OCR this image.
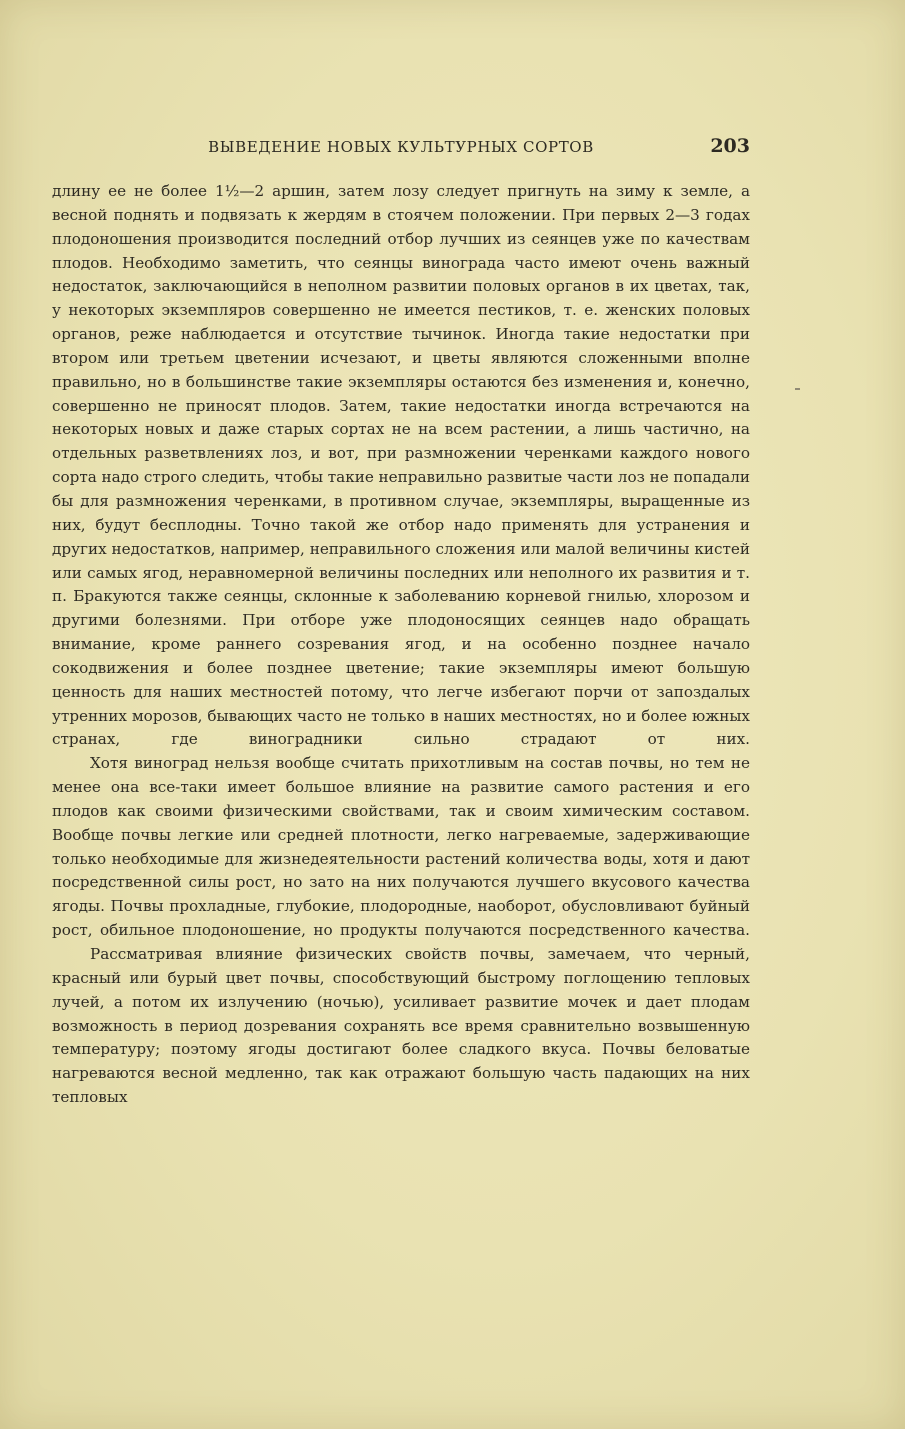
ВЫВЕДЕНИЕ НОВЫХ КУЛЬТУРНЫХ СОРТОВ	203

длину ее не более 1½—2 аршин, затем лозу следует пригнуть на зиму к земле, а весной поднять и подвязать к жердям в стоячем положении. При первых 2—3 годах плодоношения производится последний отбор лучших из сеянцев уже по качествам плодов. Необходимо заметить, что сеянцы винограда часто имеют очень важный недостаток, заключающийся в неполном развитии половых органов в их цветах, так, у некоторых экземпляров совершенно не имеется пестиков, т. е. женских половых органов, реже наблюдается и отсутствие тычинок. Иногда такие недостатки при втором или третьем цветении исчезают, и цветы являются сложенными вполне правильно, но в большинстве такие экземпляры остаются без изменения и, конечно, совершенно не приносят плодов. Затем, такие недостатки иногда встречаются на некоторых новых и даже старых сортах не на всем растении, а лишь частично, на отдельных разветвлениях лоз, и вот, при размножении черенками каждого нового сорта надо строго следить, чтобы такие неправильно развитые части лоз не попадали бы для размножения черенками, в противном случае, экземпляры, выращенные из них, будут бесплодны. Точно такой же отбор надо применять для устранения и других недостатков, например, неправильного сложения или малой величины кистей или самых ягод, неравномерной величины последних или неполного их развития и т. п. Бракуются также сеянцы, склонные к заболеванию корневой гнилью, хлорозом и другими болезнями. При отборе уже плодоносящих сеянцев надо обращать внимание, кроме раннего созревания ягод, и на особенно позднее начало сокодвижения и более позднее цветение; такие экземпляры имеют большую ценность для наших местностей потому, что легче избегают порчи от запоздалых утренних морозов, бывающих часто не только в наших местностях, но и более южных странах, где виноградники сильно страдают от них.

Хотя виноград нельзя вообще считать прихотливым на состав почвы, но тем не менее она все-таки имеет большое влияние на развитие самого растения и его плодов как своими физическими свойствами, так и своим химическим составом. Вообще почвы легкие или средней плотности, легко нагреваемые, задерживающие только необходимые для жизнедеятельности растений количества воды, хотя и дают посредственной силы рост, но зато на них получаются лучшего вкусового качества ягоды. Почвы прохладные, глубокие, плодородные, наоборот, обусловливают буйный рост, обильное плодоношение, но продукты получаются посредственного качества.

Рассматривая влияние физических свойств почвы, замечаем, что черный, красный или бурый цвет почвы, способствующий быстрому поглощению тепловых лучей, а потом их излучению (ночью), усиливает развитие мочек и дает плодам возможность в период дозревания сохранять все время сравнительно возвышенную температуру; поэтому ягоды достигают более сладкого вкуса. Почвы беловатые нагреваются весной медленно, так как отражают большую часть падающих на них тепловых
